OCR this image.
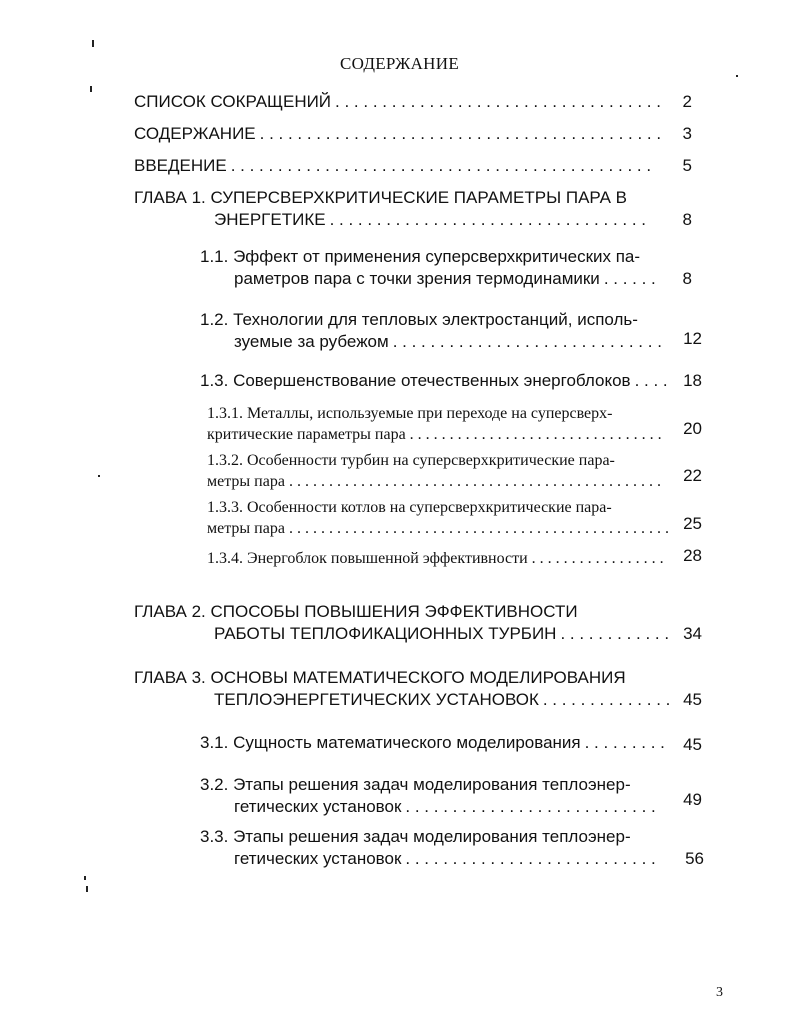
СОДЕРЖАНИЕ
СПИСОК СОКРАЩЕНИЙ . . .	2
СОДЕРЖАНИЕ . . .	3
ВВЕДЕНИЕ . . .	5
ГЛАВА 1. СУПЕРСВЕРХКРИТИЧЕСКИЕ ПАРАМЕТРЫ ПАРА В
ЭНЕРГЕТИКЕ . . .	8
1.1. Эффект от применения суперсверхкритических па-
раметров пара с точки зрения термодинамики . . .	8
1.2. Технологии для тепловых электростанций, исполь-
зуемые за рубежом . . .	12
1.3. Совершенствование отечественных энергоблоков . . .	18
1.3.1. Металлы, используемые при переходе на суперсверх-
критические параметры пара . . .	20
1.3.2. Особенности турбин на суперсверхкритические пара-
метры пара . . .	22
1.3.3. Особенности котлов на суперсверхкритические пара-
метры пара . . .	25
1.3.4. Энергоблок повышенной эффективности . . .	28
ГЛАВА 2. СПОСОБЫ ПОВЫШЕНИЯ ЭФФЕКТИВНОСТИ
РАБОТЫ ТЕПЛОФИКАЦИОННЫХ ТУРБИН . . .	34
ГЛАВА 3. ОСНОВЫ МАТЕМАТИЧЕСКОГО МОДЕЛИРОВАНИЯ
ТЕПЛОЭНЕРГЕТИЧЕСКИХ УСТАНОВОК . . .	45
3.1. Сущность математического моделирования . . .	45
3.2. Этапы решения задач моделирования теплоэнер-
гетических установок . . .	49
3.3. Этапы решения задач моделирования теплоэнер-
гетических установок . . .	56
3
